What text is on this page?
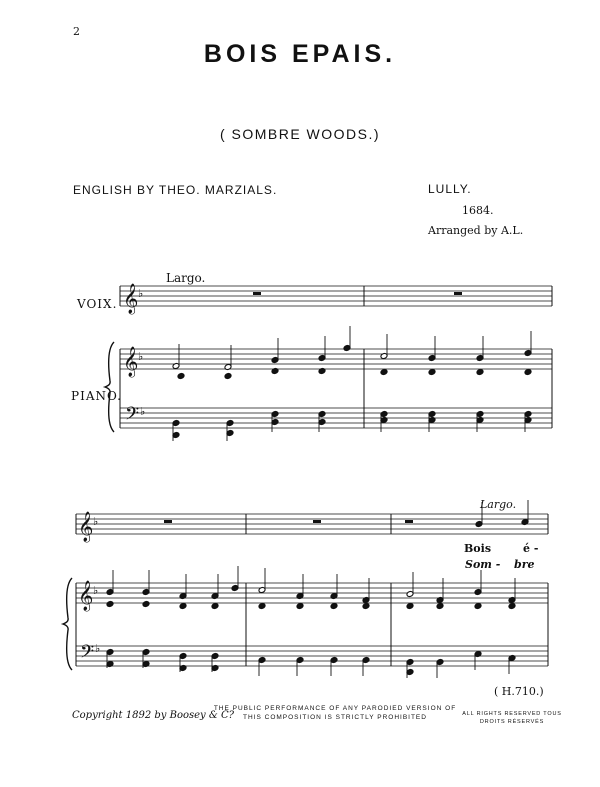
2
BOIS EPAIS.
( SOMBRE WOODS.)
ENGLISH BY THEO. MARZIALS.	LULLY.
1684.
Arranged by A.L.
Largo.
VOIX.
PIANO.
Largo.
Bois	é -
Som - bre
( H.710.)
Copyright 1892 by Boosey & C?
THE PUBLIC PERFORMANCE OF ANY PARODIED VERSION OF THIS COMPOSITION IS STRICTLY PROHIBITED	ALL RIGHTS RESERVED TOUS DROITS RÉSERVÉS
𝄞 ♭
𝄞 ♭
𝄢 ♭
𝄞 ♭
𝄞 ♭
𝄢 ♭
